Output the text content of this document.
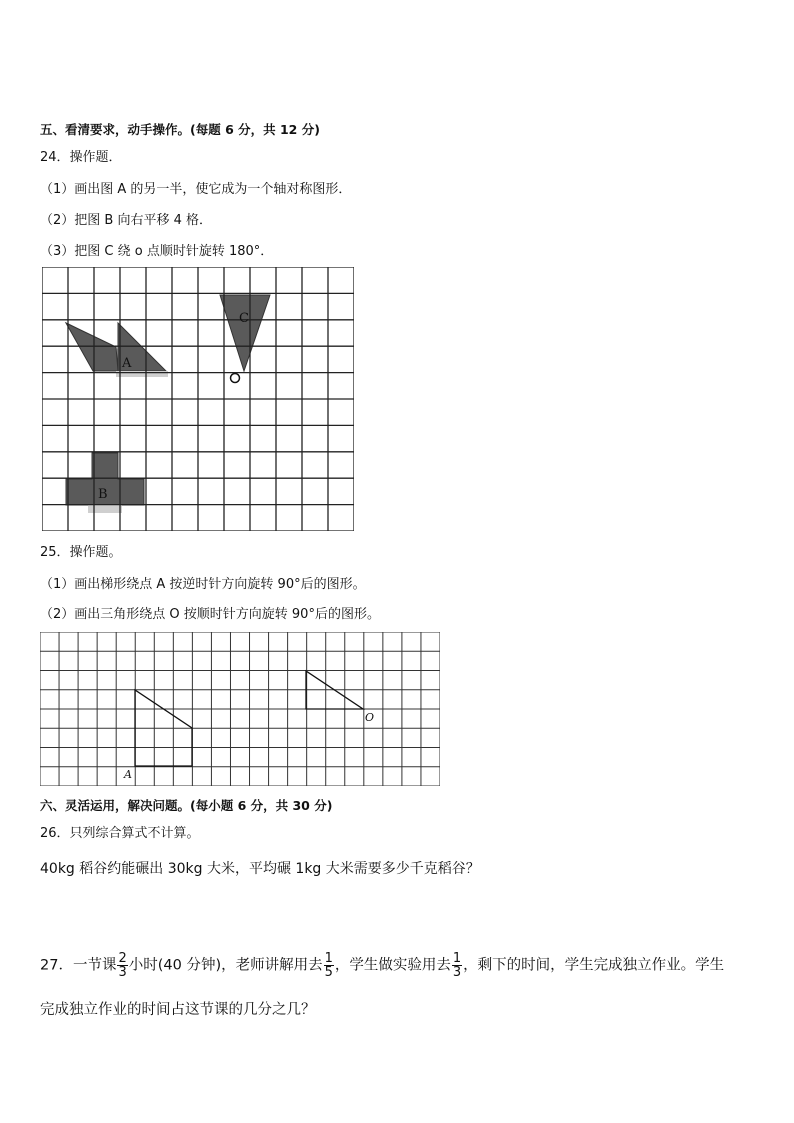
五、看清要求，动手操作。(每题 6 分，共 12 分)
24．操作题．
（1）画出图 A 的另一半，使它成为一个轴对称图形．
（2）把图 B 向右平移 4 格．
（3）把图 C 绕 o 点顺时针旋转 180°．
A
C
B
25．操作题。
（1）画出梯形绕点 A 按逆时针方向旋转 90°后的图形。
（2）画出三角形绕点 O 按顺时针方向旋转 90°后的图形。
A
O
六、灵活运用，解决问题。(每小题 6 分，共 30 分)
26．只列综合算式不计算。
40kg 稻谷约能碾出 30kg 大米，平均碾 1kg 大米需要多少千克稻谷？
27．一节课 $\frac{2}{3}$ 小时(40 分钟)，老师讲解用去 $\frac{1}{5}$ ，学生做实验用去 $\frac{1}{3}$ ，剩下的时间，学生完成独立作业。学生
完成独立作业的时间占这节课的几分之几？
